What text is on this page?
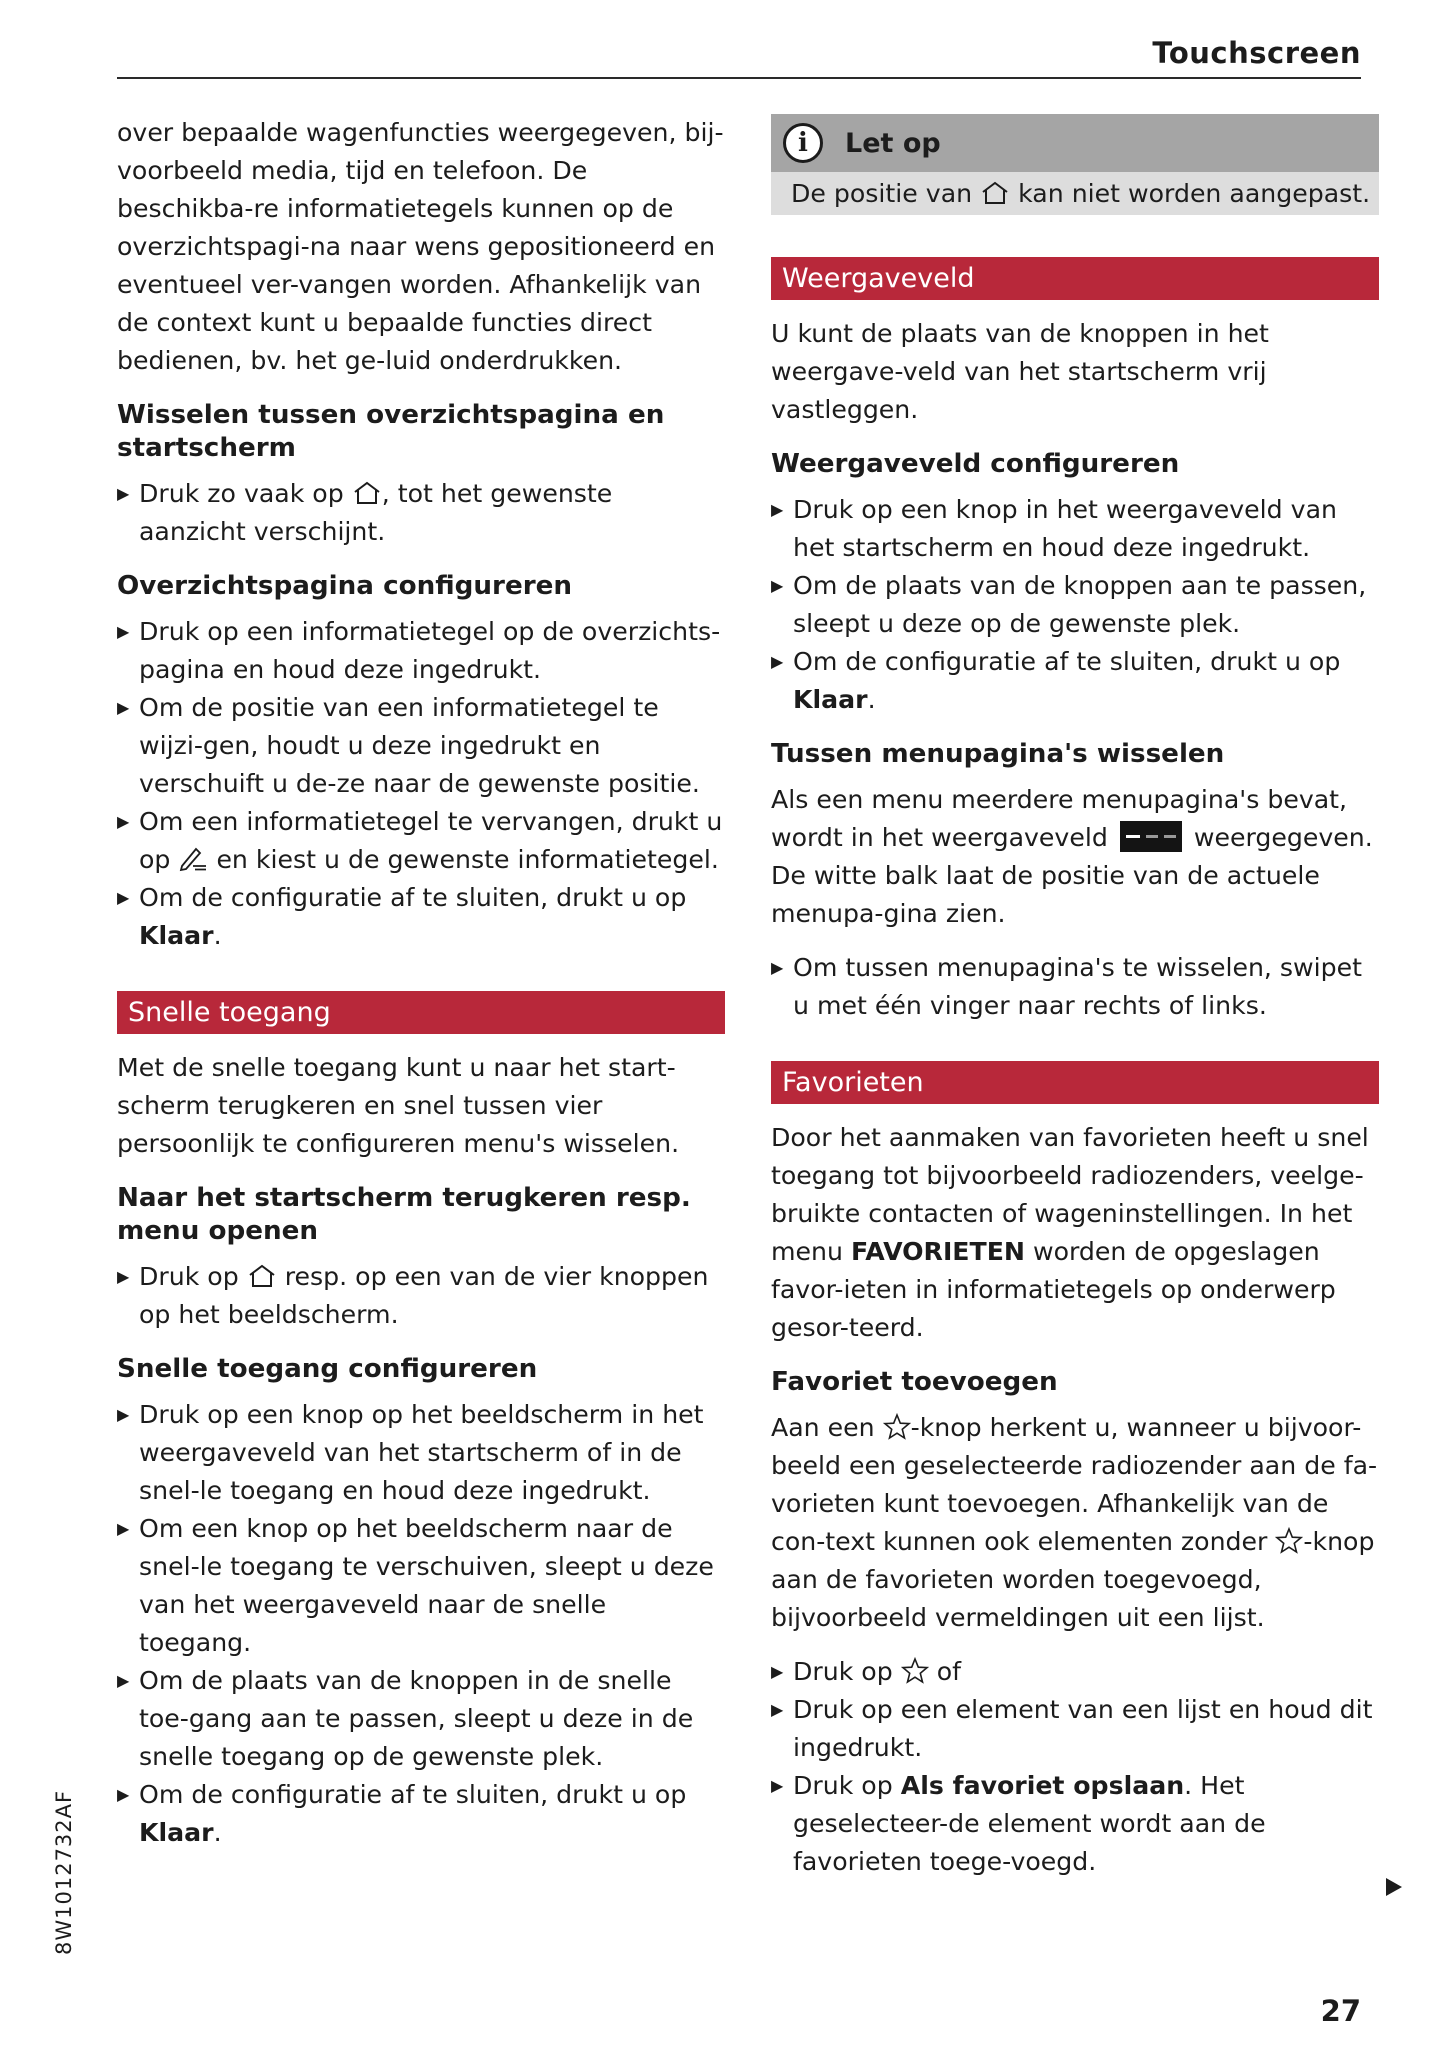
Touchscreen

over bepaalde wagenfuncties weergegeven, bij-voorbeeld media, tijd en telefoon. De beschikba-re informatietegels kunnen op de overzichtspagi-na naar wens gepositioneerd en eventueel ver-vangen worden. Afhankelijk van de context kunt u bepaalde functies direct bedienen, bv. het ge-luid onderdrukken.

Wisselen tussen overzichtspagina en startscherm
▶ Druk zo vaak op , tot het gewenste aanzicht verschijnt.
Overzichtspagina configureren
▶ Druk op een informatietegel op de overzichts-pagina en houd deze ingedrukt.
▶ Om de positie van een informatietegel te wijzi-gen, houdt u deze ingedrukt en verschuift u de-ze naar de gewenste positie.
▶ Om een informatietegel te vervangen, drukt u op en kiest u de gewenste informatietegel.
▶ Om de configuratie af te sluiten, drukt u op Klaar.
Snelle toegang

Met de snelle toegang kunt u naar het start-scherm terugkeren en snel tussen vier persoonlijk te configureren menu's wisselen.

Naar het startscherm terugkeren resp. menu openen
▶ Druk op resp. op een van de vier knoppen op het beeldscherm.
Snelle toegang configureren
▶ Druk op een knop op het beeldscherm in het weergaveveld van het startscherm of in de snel-le toegang en houd deze ingedrukt.
▶ Om een knop op het beeldscherm naar de snel-le toegang te verschuiven, sleept u deze van het weergaveveld naar de snelle toegang.
▶ Om de plaats van de knoppen in de snelle toe-gang aan te passen, sleept u deze in de snelle toegang op de gewenste plek.
▶ Om de configuratie af te sluiten, drukt u op Klaar.
i	Let op
De positie van kan niet worden aangepast.
Weergaveveld

U kunt de plaats van de knoppen in het weergave-veld van het startscherm vrij vastleggen.

Weergaveveld configureren
▶ Druk op een knop in het weergaveveld van het startscherm en houd deze ingedrukt.
▶ Om de plaats van de knoppen aan te passen, sleept u deze op de gewenste plek.
▶ Om de configuratie af te sluiten, drukt u op Klaar.
Tussen menupagina's wisselen

Als een menu meerdere menupagina's bevat, wordt in het weergaveveld	weergegeven. De witte balk laat de positie van de actuele menupa-gina zien.

▶ Om tussen menupagina's te wisselen, swipet u met één vinger naar rechts of links.
Favorieten

Door het aanmaken van favorieten heeft u snel toegang tot bijvoorbeeld radiozenders, veelge-bruikte contacten of wageninstellingen. In het menu FAVORIETEN worden de opgeslagen favor-ieten in informatietegels op onderwerp gesor-teerd.

Favoriet toevoegen

Aan een -knop herkent u, wanneer u bijvoor-beeld een geselecteerde radiozender aan de fa-vorieten kunt toevoegen. Afhankelijk van de con-text kunnen ook elementen zonder -knop aan de favorieten worden toegevoegd, bijvoorbeeld vermeldingen uit een lijst.

▶ Druk op of
▶ Druk op een element van een lijst en houd dit ingedrukt.
▶ Druk op Als favoriet opslaan. Het geselecteer-de element wordt aan de favorieten toege-voegd.
8W1012732AF
27
